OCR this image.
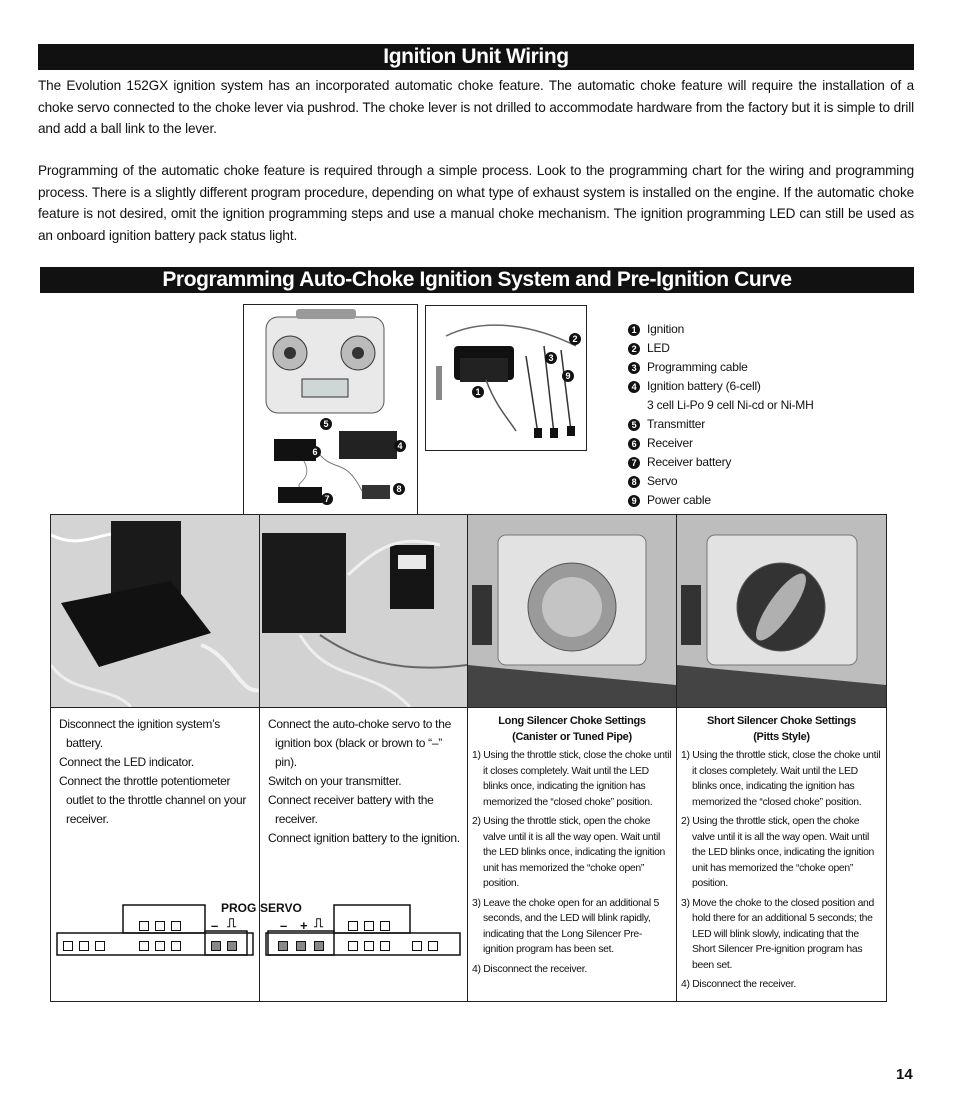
Ignition Unit Wiring
The Evolution 152GX ignition system has an incorporated automatic choke feature. The automatic choke feature will require the installation of a choke servo connected to the choke lever via pushrod. The choke lever is not drilled to accommodate hardware from the factory but it is simple to drill and add a ball link to the lever.
Programming of the automatic choke feature is required through a simple process. Look to the programming chart for the wiring and programming process. There is a slightly different program procedure, depending on what type of exhaust system is installed on the engine. If the automatic choke feature is not desired, omit the ignition programming steps and use a manual choke mechanism. The ignition programming LED can still be used as an onboard ignition battery pack status light.
Programming Auto-Choke Ignition System and Pre-Ignition Curve
5
6
4
7
8
2
3
9
1
1 Ignition
2 LED
3 Programming cable
4 Ignition battery (6-cell)
3 cell Li-Po 9 cell Ni-cd or Ni-MH
5 Transmitter
6 Receiver
7 Receiver battery
8 Servo
9 Power cable
Disconnect the ignition system’s battery.
Connect the LED indicator.
Connect the throttle potentiometer outlet to the throttle channel on your receiver.
PROG
– ⎍
Connect the auto-choke servo to the ignition box (black or brown to “–” pin).
Switch on your transmitter.
Connect receiver battery with the receiver.
Connect ignition battery to the ignition.
SERVO
– + ⎍
Long Silencer Choke Settings
(Canister or Tuned Pipe)
1) Using the throttle stick, close the choke until it closes completely. Wait until the LED blinks once, indicating the ignition has memorized the “closed choke” position.
2) Using the throttle stick, open the choke valve until it is all the way open. Wait until the LED blinks once, indicating the ignition unit has memorized the “choke open” position.
3) Leave the choke open for an additional 5 seconds, and the LED will blink rapidly, indicating that the Long Silencer Pre-ignition program has been set.
4) Disconnect the receiver.
Short Silencer Choke Settings
(Pitts Style)
1) Using the throttle stick, close the choke until it closes completely. Wait until the LED blinks once, indicating the ignition has memorized the “closed choke” position.
2) Using the throttle stick, open the choke valve until it is all the way open. Wait until the LED blinks once, indicating the ignition unit has memorized the “choke open” position.
3) Move the choke to the closed position and hold there for an additional 5 seconds; the LED will blink slowly, indicating that the Short Silencer Pre-ignition program has been set.
4) Disconnect the receiver.
14
